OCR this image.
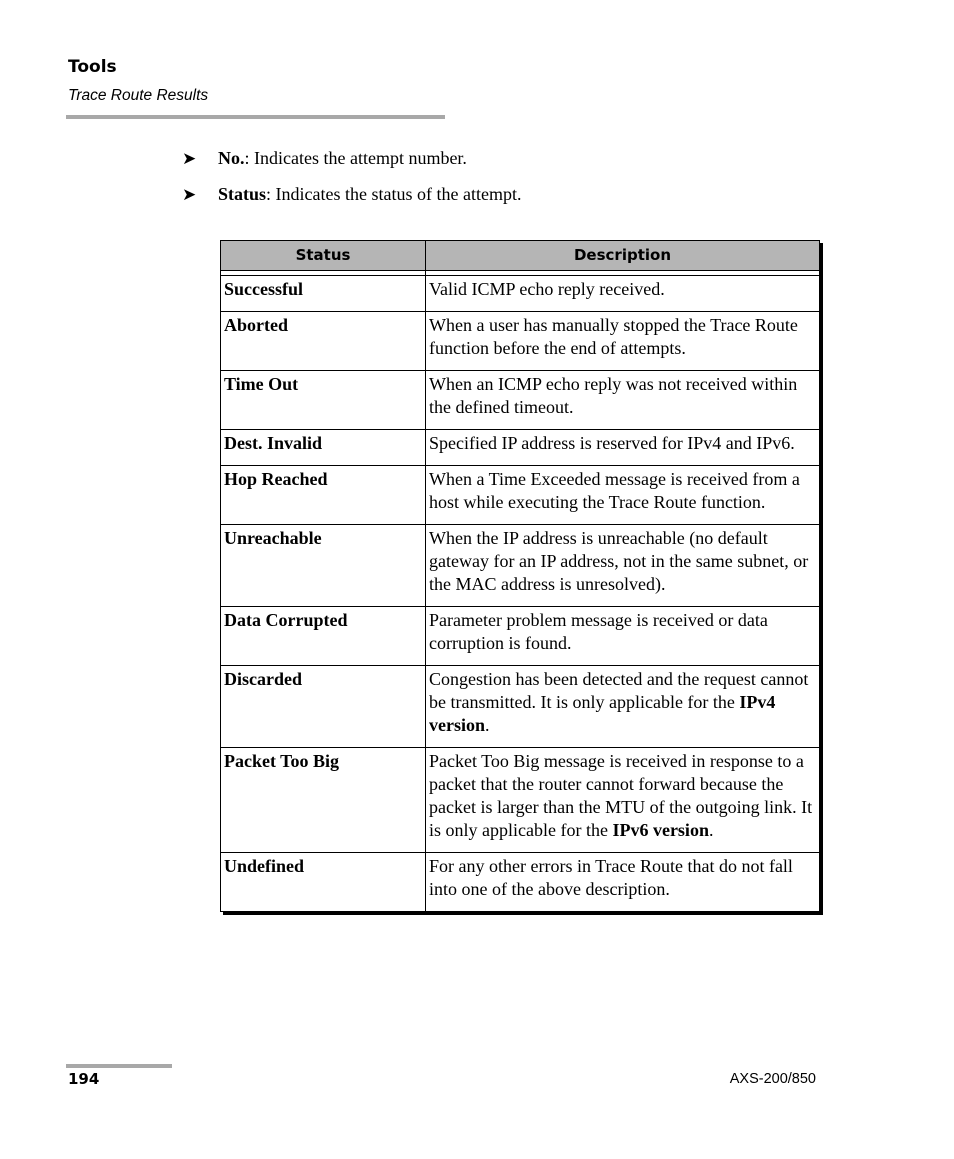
Tools
Trace Route Results
➤ No.: Indicates the attempt number.
➤ Status: Indicates the status of the attempt.
Status	Description

Successful	Valid ICMP echo reply received.
Aborted	When a user has manually stopped the Trace Route function before the end of attempts.
Time Out	When an ICMP echo reply was not received within the defined timeout.
Dest. Invalid	Specified IP address is reserved for IPv4 and IPv6.
Hop Reached	When a Time Exceeded message is received from a host while executing the Trace Route function.
Unreachable	When the IP address is unreachable (no default gateway for an IP address, not in the same subnet, or the MAC address is unresolved).
Data Corrupted	Parameter problem message is received or data corruption is found.
Discarded	Congestion has been detected and the request cannot be transmitted. It is only applicable for the IPv4 version.
Packet Too Big	Packet Too Big message is received in response to a packet that the router cannot forward because the packet is larger than the MTU of the outgoing link. It is only applicable for the IPv6 version.
Undefined	For any other errors in Trace Route that do not fall into one of the above description.
194	AXS-200/850
